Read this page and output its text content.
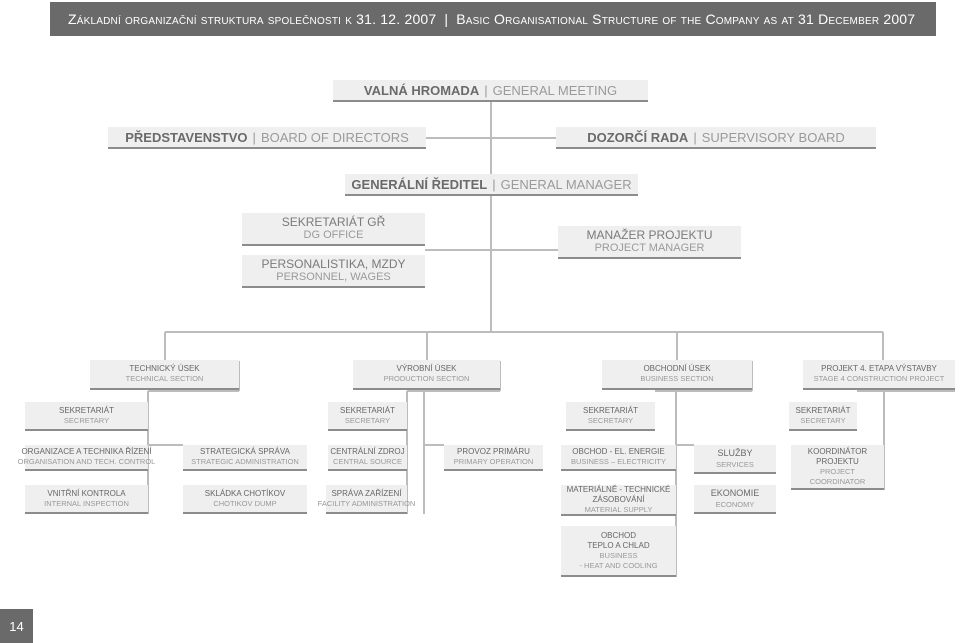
Základní organizační struktura společnosti k 31. 12. 2007 | Basic Organisational Structure of the Company as at 31 December 2007
VALNÁ HROMADA | GENERAL MEETING
PŘEDSTAVENSTVO | BOARD OF DIRECTORS	DOZORČÍ RADA | SUPERVISORY BOARD
GENERÁLNÍ ŘEDITEL | GENERAL MANAGER
SEKRETARIÁT GŘ
DG OFFICE
PERSONALISTIKA, MZDY
PERSONNEL, WAGES
MANAŽER PROJEKTU
PROJECT MANAGER
TECHNICKÝ ÚSEK
TECHNICAL SECTION
VÝROBNÍ ÚSEK
PRODUCTION SECTION
OBCHODNÍ ÚSEK
BUSINESS SECTION
PROJEKT 4. ETAPA VÝSTAVBY
STAGE 4 CONSTRUCTION PROJECT
SEKRETARIÁT
SECRETARY
SEKRETARIÁT
SECRETARY
SEKRETARIÁT
SECRETARY
SEKRETARIÁT
SECRETARY
ORGANIZACE A TECHNIKA ŘÍZENÍ
ORGANISATION AND TECH. CONTROL
VNITŘNÍ KONTROLA
INTERNAL INSPECTION
STRATEGICKÁ SPRÁVA
STRATEGIC ADMINISTRATION
SKLÁDKA CHOTÍKOV
CHOTIKOV DUMP
CENTRÁLNÍ ZDROJ
CENTRAL SOURCE
SPRÁVA ZAŘÍZENÍ
FACILITY ADMINISTRATION
PROVOZ PRIMÁRU
PRIMARY OPERATION
OBCHOD - EL. ENERGIE
BUSINESS – ELECTRICITY
MATERIÁLNĚ - TECHNICKÉ
ZÁSOBOVÁNÍ
MATERIAL SUPPLY
OBCHOD
TEPLO A CHLAD
BUSINESS
- HEAT AND COOLING
SLUŽBY
SERVICES
EKONOMIE
ECONOMY
KOORDINÁTOR
PROJEKTU
PROJECT
COORDINATOR
14
